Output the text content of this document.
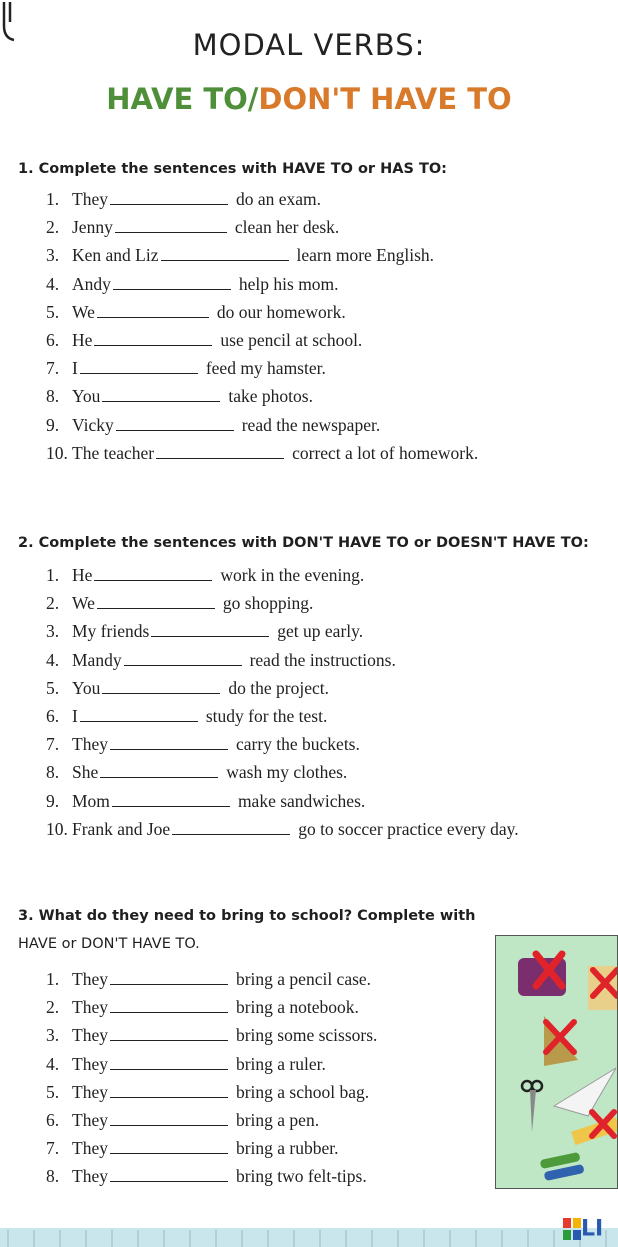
MODAL VERBS:
HAVE TO/DON'T HAVE TO
1. Complete the sentences with HAVE TO or HAS TO:
1. They	do an exam.
2. Jenny	clean her desk.
3. Ken and Liz	learn more English.
4. Andy	help his mom.
5. We	do our homework.
6. He	use pencil at school.
7. I	feed my hamster.
8. You	take photos.
9. Vicky	read the newspaper.
10. The teacher	correct a lot of homework.
2. Complete the sentences with DON'T HAVE TO or DOESN'T HAVE TO:
1. He	work in the evening.
2. We	go shopping.
3. My friends	get up early.
4. Mandy	read the instructions.
5. You	do the project.
6. I	study for the test.
7. They	carry the buckets.
8. She	wash my clothes.
9. Mom	make sandwiches.
10. Frank and Joe	go to soccer practice every day.
3. What do they need to bring to school? Complete with
HAVE or DON'T HAVE TO.
1. They	bring a pencil case.
2. They	bring a notebook.
3. They	bring some scissors.
4. They	bring a ruler.
5. They	bring a school bag.
6. They	bring a pen.
7. They	bring a rubber.
8. They	bring two felt-tips.
LI
